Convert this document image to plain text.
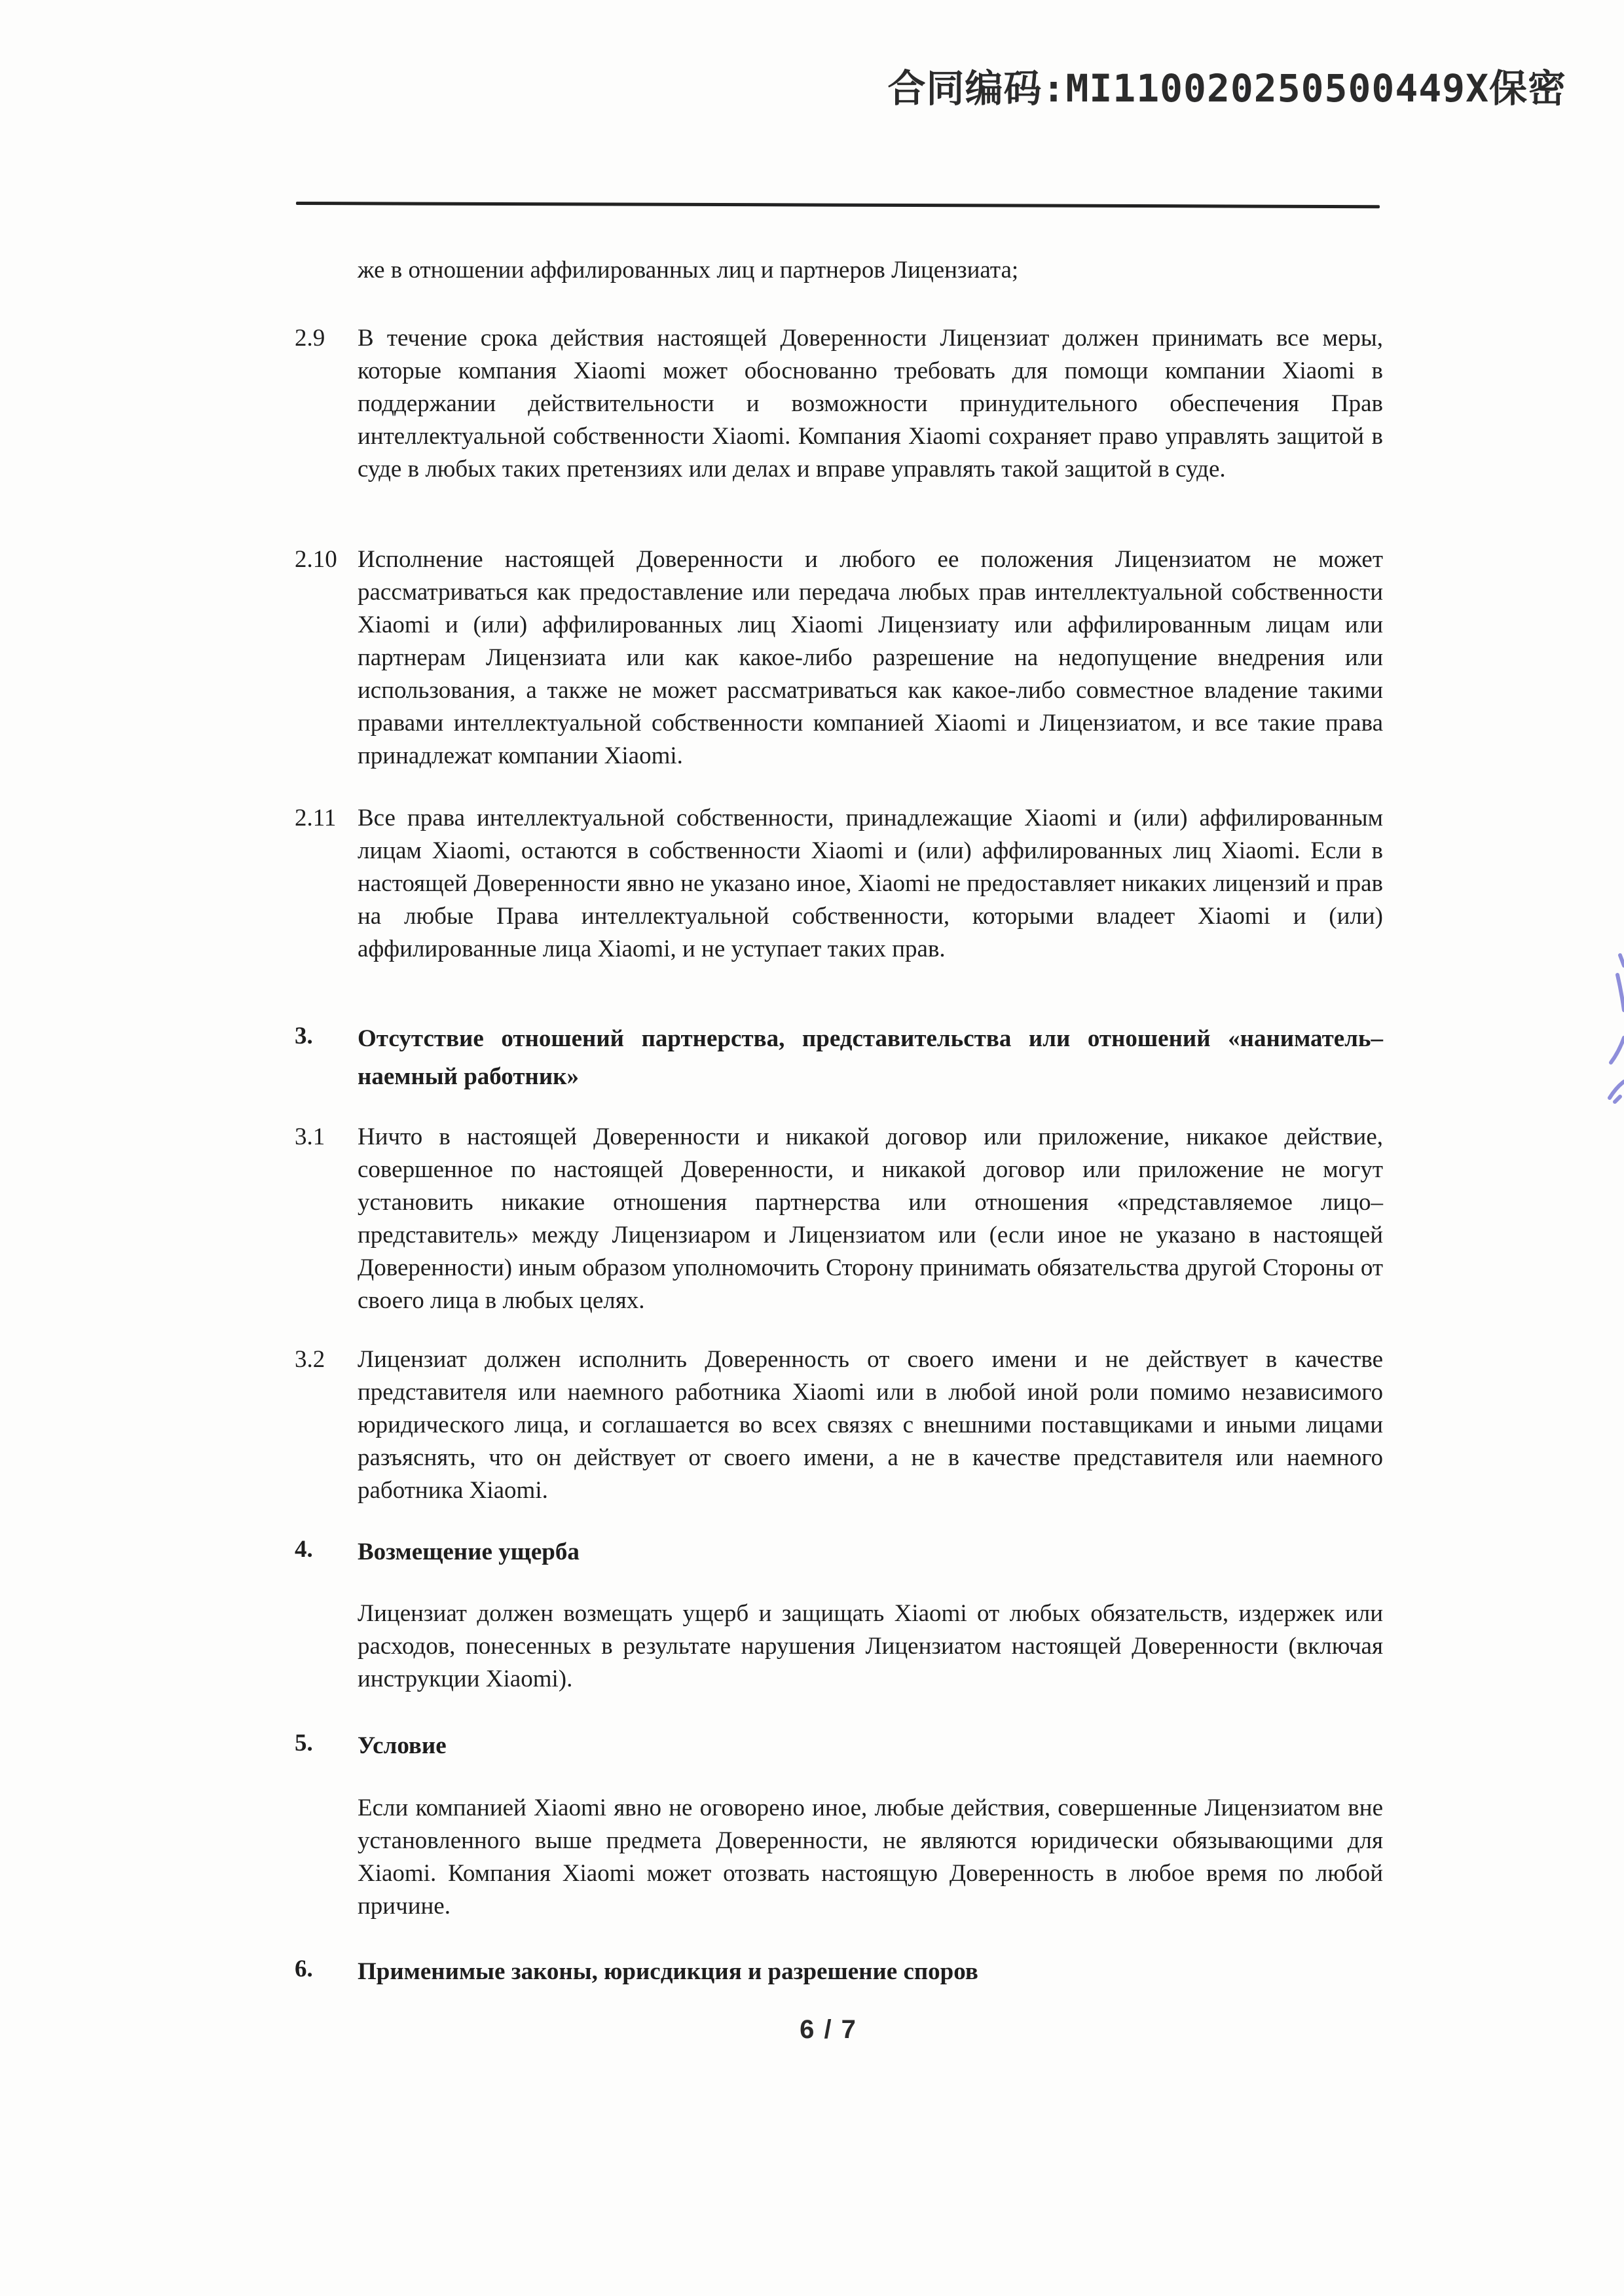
合同编码:MI110020250500449X保密
же в отношении аффилированных лиц и партнеров Лицензиата;
2.9	В течение срока действия настоящей Доверенности Лицензиат должен принимать все меры, которые компания Xiaomi может обоснованно требовать для помощи компании Xiaomi в поддержании действительности и возможности принудительного обеспечения Прав интеллектуальной собственности Xiaomi. Компания Xiaomi сохраняет право управлять защитой в суде в любых таких претензиях или делах и вправе управлять такой защитой в суде.
2.10 Исполнение настоящей Доверенности и любого ее положения Лицензиатом не может рассматриваться как предоставление или передача любых прав интеллектуальной собственности Xiaomi и (или) аффилированных лиц Xiaomi Лицензиату или аффилированным лицам или партнерам Лицензиата или как какое-либо разрешение на недопущение внедрения или использования, а также не может рассматриваться как какое-либо совместное владение такими правами интеллектуальной собственности компанией Xiaomi и Лицензиатом, и все такие права принадлежат компании Xiaomi.
2.11 Все права интеллектуальной собственности, принадлежащие Xiaomi и (или) аффилированным лицам Xiaomi, остаются в собственности Xiaomi и (или) аффилированных лиц Xiaomi. Если в настоящей Доверенности явно не указано иное, Xiaomi не предоставляет никаких лицензий и прав на любые Права интеллектуальной собственности, которыми владеет Xiaomi и (или) аффилированные лица Xiaomi, и не уступает таких прав.
3.	Отсутствие отношений партнерства, представительства или отношений «наниматель–наемный работник»
3.1	Ничто в настоящей Доверенности и никакой договор или приложение, никакое действие, совершенное по настоящей Доверенности, и никакой договор или приложение не могут установить никакие отношения партнерства или отношения «представляемое лицо–представитель» между Лицензиаром и Лицензиатом или (если иное не указано в настоящей Доверенности) иным образом уполномочить Сторону принимать обязательства другой Стороны от своего лица в любых целях.
3.2	Лицензиат должен исполнить Доверенность от своего имени и не действует в качестве представителя или наемного работника Xiaomi или в любой иной роли помимо независимого юридического лица, и соглашается во всех связях с внешними поставщиками и иными лицами разъяснять, что он действует от своего имени, а не в качестве представителя или наемного работника Xiaomi.
4.	Возмещение ущерба
Лицензиат должен возмещать ущерб и защищать Xiaomi от любых обязательств, издержек или расходов, понесенных в результате нарушения Лицензиатом настоящей Доверенности (включая инструкции Xiaomi).
5.	Условие
Если компанией Xiaomi явно не оговорено иное, любые действия, совершенные Лицензиатом вне установленного выше предмета Доверенности, не являются юридически обязывающими для Xiaomi. Компания Xiaomi может отозвать настоящую Доверенность в любое время по любой причине.
6.	Применимые законы, юрисдикция и разрешение споров
6 / 7
